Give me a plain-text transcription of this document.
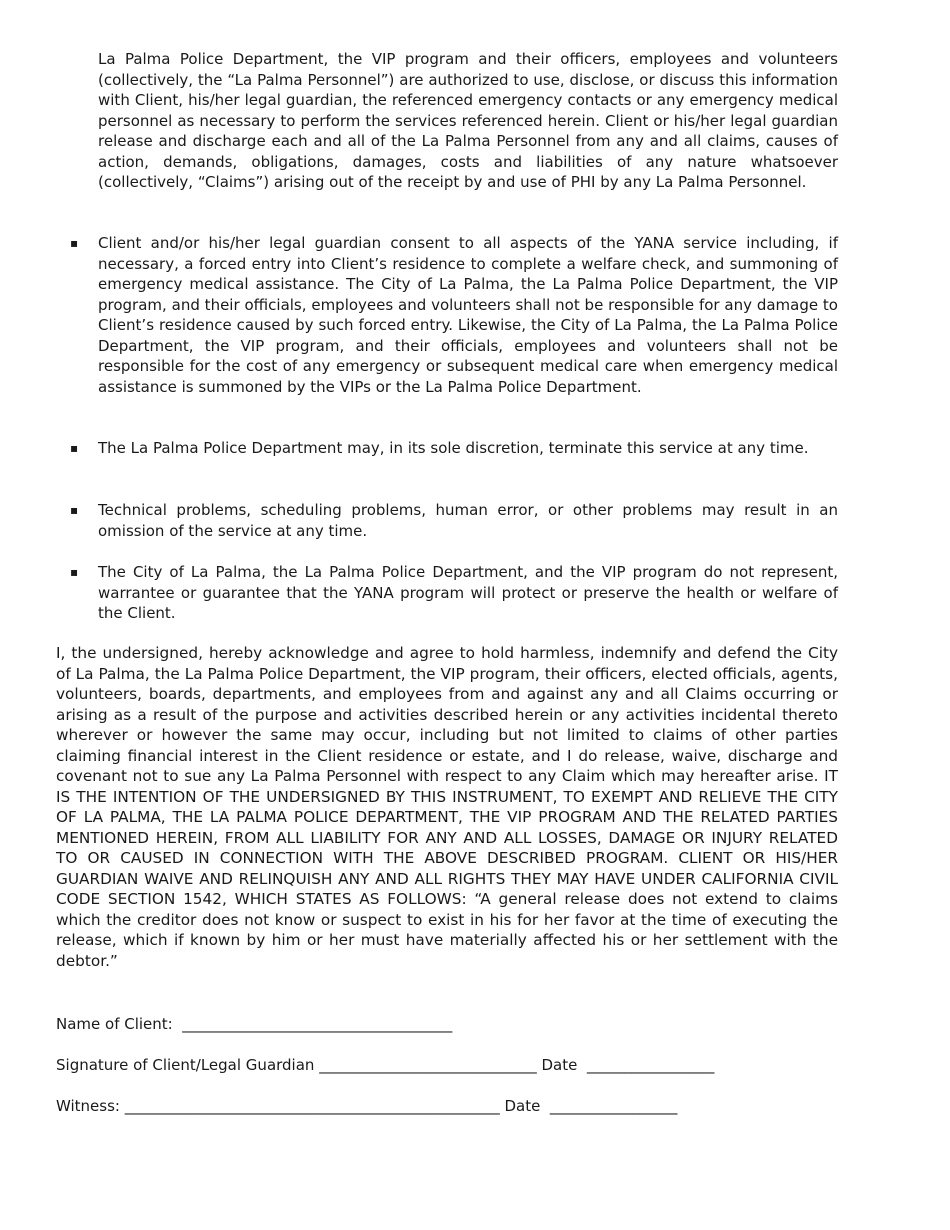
La Palma Police Department, the VIP program and their officers, employees and volunteers (collectively, the “La Palma Personnel”) are authorized to use, disclose, or discuss this information with Client, his/her legal guardian, the referenced emergency contacts or any emergency medical personnel as necessary to perform the services referenced herein. Client or his/her legal guardian release and discharge each and all of the La Palma Personnel from any and all claims, causes of action, demands, obligations, damages, costs and liabilities of any nature whatsoever (collectively, “Claims”) arising out of the receipt by and use of PHI by any La Palma Personnel.

▪ Client and/or his/her legal guardian consent to all aspects of the YANA service including, if necessary, a forced entry into Client’s residence to complete a welfare check, and summoning of emergency medical assistance. The City of La Palma, the La Palma Police Department, the VIP program, and their officials, employees and volunteers shall not be responsible for any damage to Client’s residence caused by such forced entry. Likewise, the City of La Palma, the La Palma Police Department, the VIP program, and their officials, employees and volunteers shall not be responsible for the cost of any emergency or subsequent medical care when emergency medical assistance is summoned by the VIPs or the La Palma Police Department.
▪ The La Palma Police Department may, in its sole discretion, terminate this service at any time.
▪ Technical problems, scheduling problems, human error, or other problems may result in an omission of the service at any time.
▪ The City of La Palma, the La Palma Police Department, and the VIP program do not represent, warrantee or guarantee that the YANA program will protect or preserve the health or welfare of the Client.

I, the undersigned, hereby acknowledge and agree to hold harmless, indemnify and defend the City of La Palma, the La Palma Police Department, the VIP program, their officers, elected officials, agents, volunteers, boards, departments, and employees from and against any and all Claims occurring or arising as a result of the purpose and activities described herein or any activities incidental thereto wherever or however the same may occur, including but not limited to claims of other parties claiming financial interest in the Client residence or estate, and I do release, waive, discharge and covenant not to sue any La Palma Personnel with respect to any Claim which may hereafter arise. IT IS THE INTENTION OF THE UNDERSIGNED BY THIS INSTRUMENT, TO EXEMPT AND RELIEVE THE CITY OF LA PALMA, THE LA PALMA POLICE DEPARTMENT, THE VIP PROGRAM AND THE RELATED PARTIES MENTIONED HEREIN, FROM ALL LIABILITY FOR ANY AND ALL LOSSES, DAMAGE OR INJURY RELATED TO OR CAUSED IN CONNECTION WITH THE ABOVE DESCRIBED PROGRAM. CLIENT OR HIS/HER GUARDIAN WAIVE AND RELINQUISH ANY AND ALL RIGHTS THEY MAY HAVE UNDER CALIFORNIA CIVIL CODE SECTION 1542, WHICH STATES AS FOLLOWS: “A general release does not extend to claims which the creditor does not know or suspect to exist in his for her favor at the time of executing the release, which if known by him or her must have materially affected his or her settlement with the debtor.”

Name of Client:  ____________________________________
Signature of Client/Legal Guardian _____________________________ Date  _________________
Witness: __________________________________________________ Date  _________________
